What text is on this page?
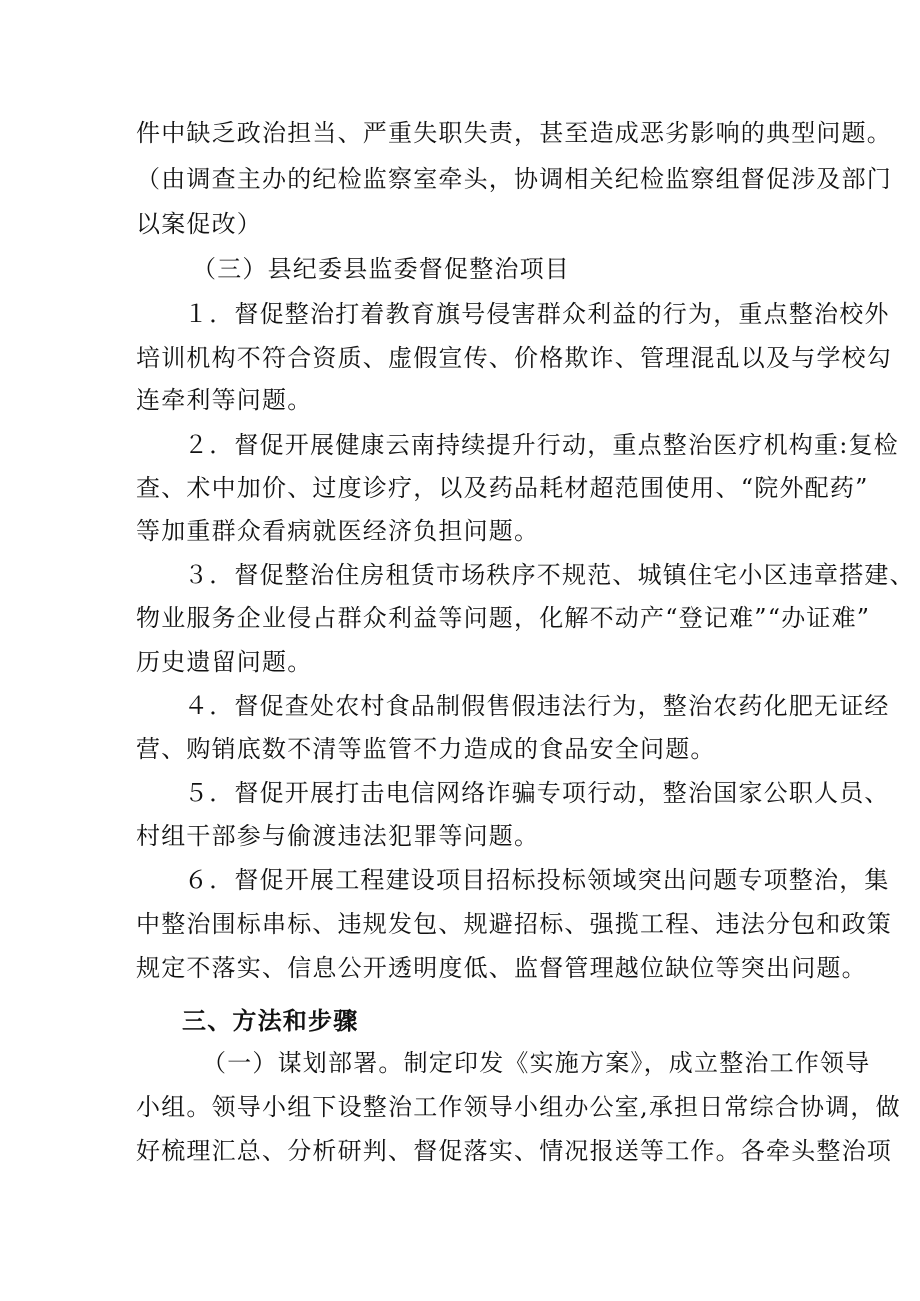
件中缺乏政治担当、严重失职失责，甚至造成恶劣影响的典型问题。
（由调查主办的纪检监察室牵头，协调相关纪检监察组督促涉及部门
以案促改）
（三）县纪委县监委督促整治项目
１．督促整治打着教育旗号侵害群众利益的行为，重点整治校外
培训机构不符合资质、虚假宣传、价格欺诈、管理混乱以及与学校勾
连牵利等问题。
２．督促开展健康云南持续提升行动，重点整治医疗机构重:复检
查、术中加价、过度诊疗，以及药品耗材超范围使用、“院外配药”
等加重群众看病就医经济负担问题。
３．督促整治住房租赁市场秩序不规范、城镇住宅小区违章搭建、
物业服务企业侵占群众利益等问题，化解不动产“登记难”“办证难”
历史遗留问题。
４．督促查处农村食品制假售假违法行为，整治农药化肥无证经
营、购销底数不清等监管不力造成的食品安全问题。
５．督促开展打击电信网络诈骗专项行动，整治国家公职人员、
村组干部参与偷渡违法犯罪等问题。
６．督促开展工程建设项目招标投标领域突出问题专项整治，集
中整治围标串标、违规发包、规避招标、强揽工程、违法分包和政策
规定不落实、信息公开透明度低、监督管理越位缺位等突出问题。
三、方法和步骤
（一）谋划部署。制定印发《实施方案》，成立整治工作领导
小组。领导小组下设整治工作领导小组办公室,承担日常综合协调，做
好梳理汇总、分析研判、督促落实、情况报送等工作。各牵头整治项
